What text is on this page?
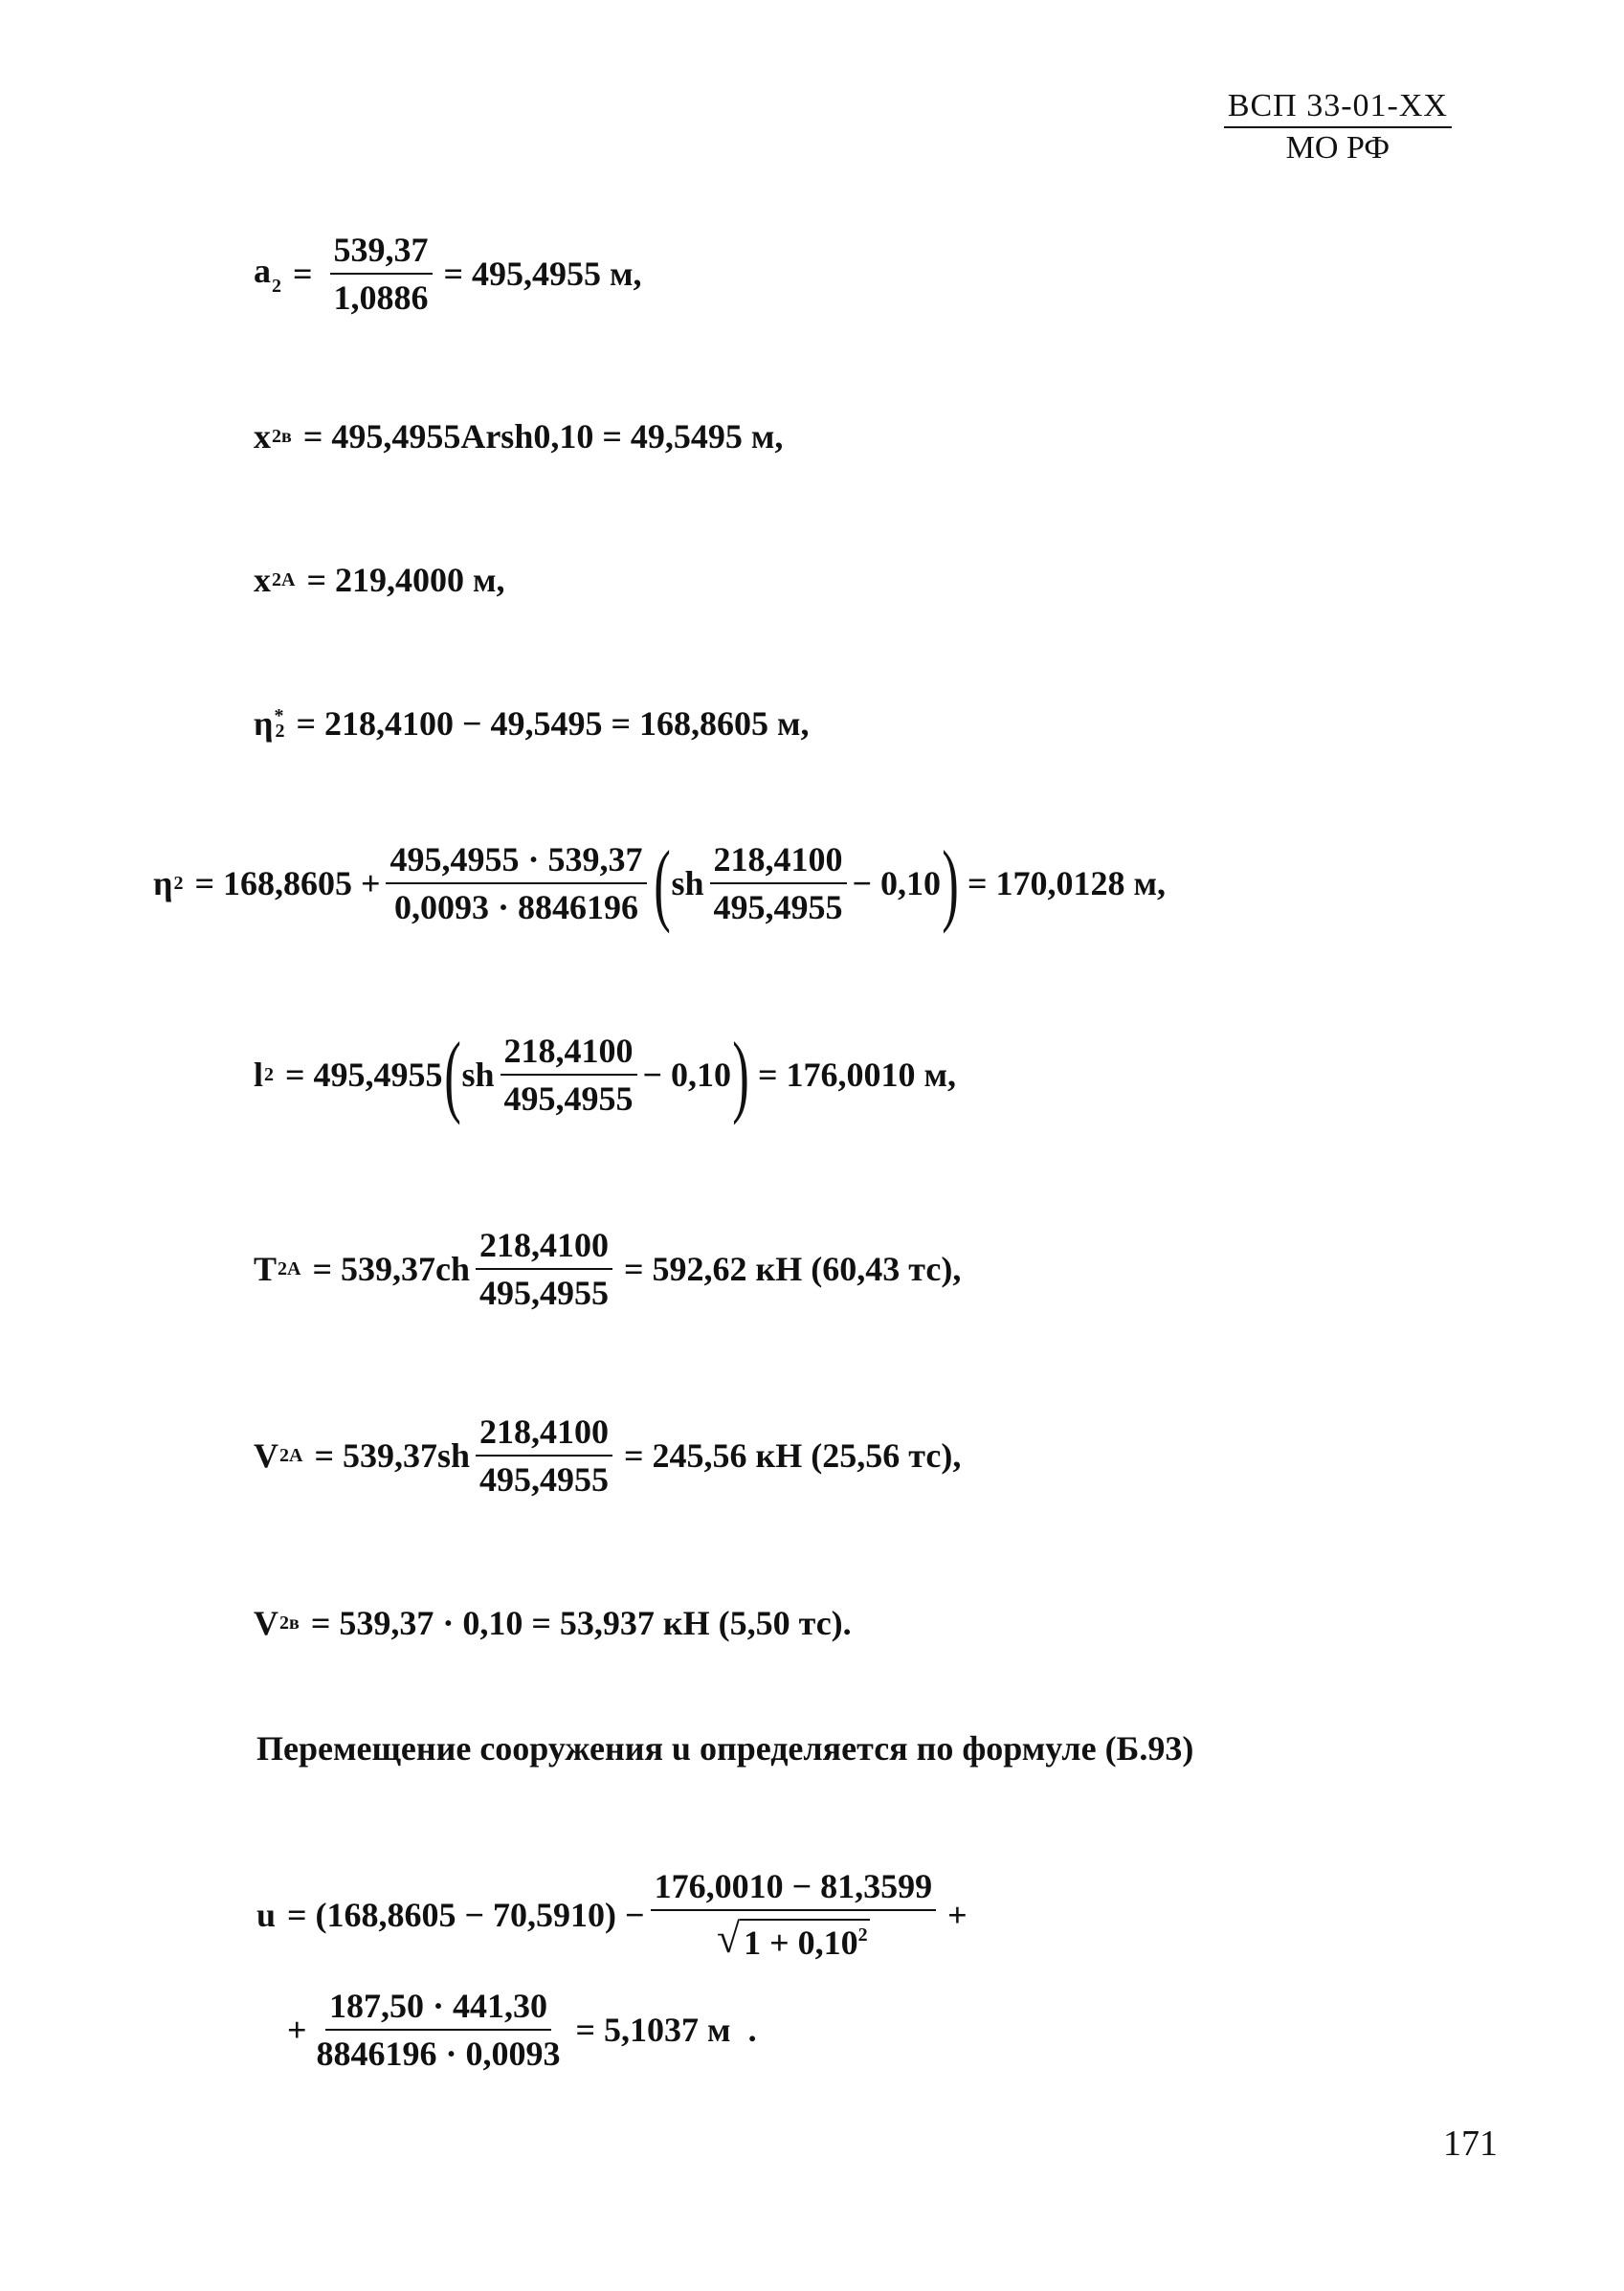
ВСП 33-01-XX
МО РФ
$a_2 = \frac{539,37}{1,0886} = 495,4955$ м,
x 2в = 495,4955Arsh0,10 = 49,5495 м,
x 2A = 219,4000 м,
η *
2 = 218,4100 − 49,5495 = 168,8605 м,
η $2 = 168,8605 + \frac{495,4955 \cdot 539,37}{0,0093 \cdot 8846196}$ ( sh $\frac{218,4100}{495,4955} - 0,10$ ) = 170,0128 м,
l 2 = 495,4955 ( sh $\frac{218,4100}{495,4955} - 0,10$ ) = 176,0010 м,
T $2A = 539,37ch \frac{218,4100}{495,4955} = 592,62$ кН (60,43 тс),
V $2A = 539,37sh \frac{218,4100}{495,4955} = 245,56$ кН (25,56 тс),
V 2в = 539,37 · 0,10 = 53,937 кН (5,50 тс).
Перемещение сооружения u определяется по формуле (Б.93)
$u = (168,8605 - 70,5910) - \frac{176,0010 - 81,3599}{√ 1 + 0,10^2}$ +
+ $\frac{187,50 \cdot 441,30}{8846196 \cdot 0,0093} = 5,1037$ м  .
171
